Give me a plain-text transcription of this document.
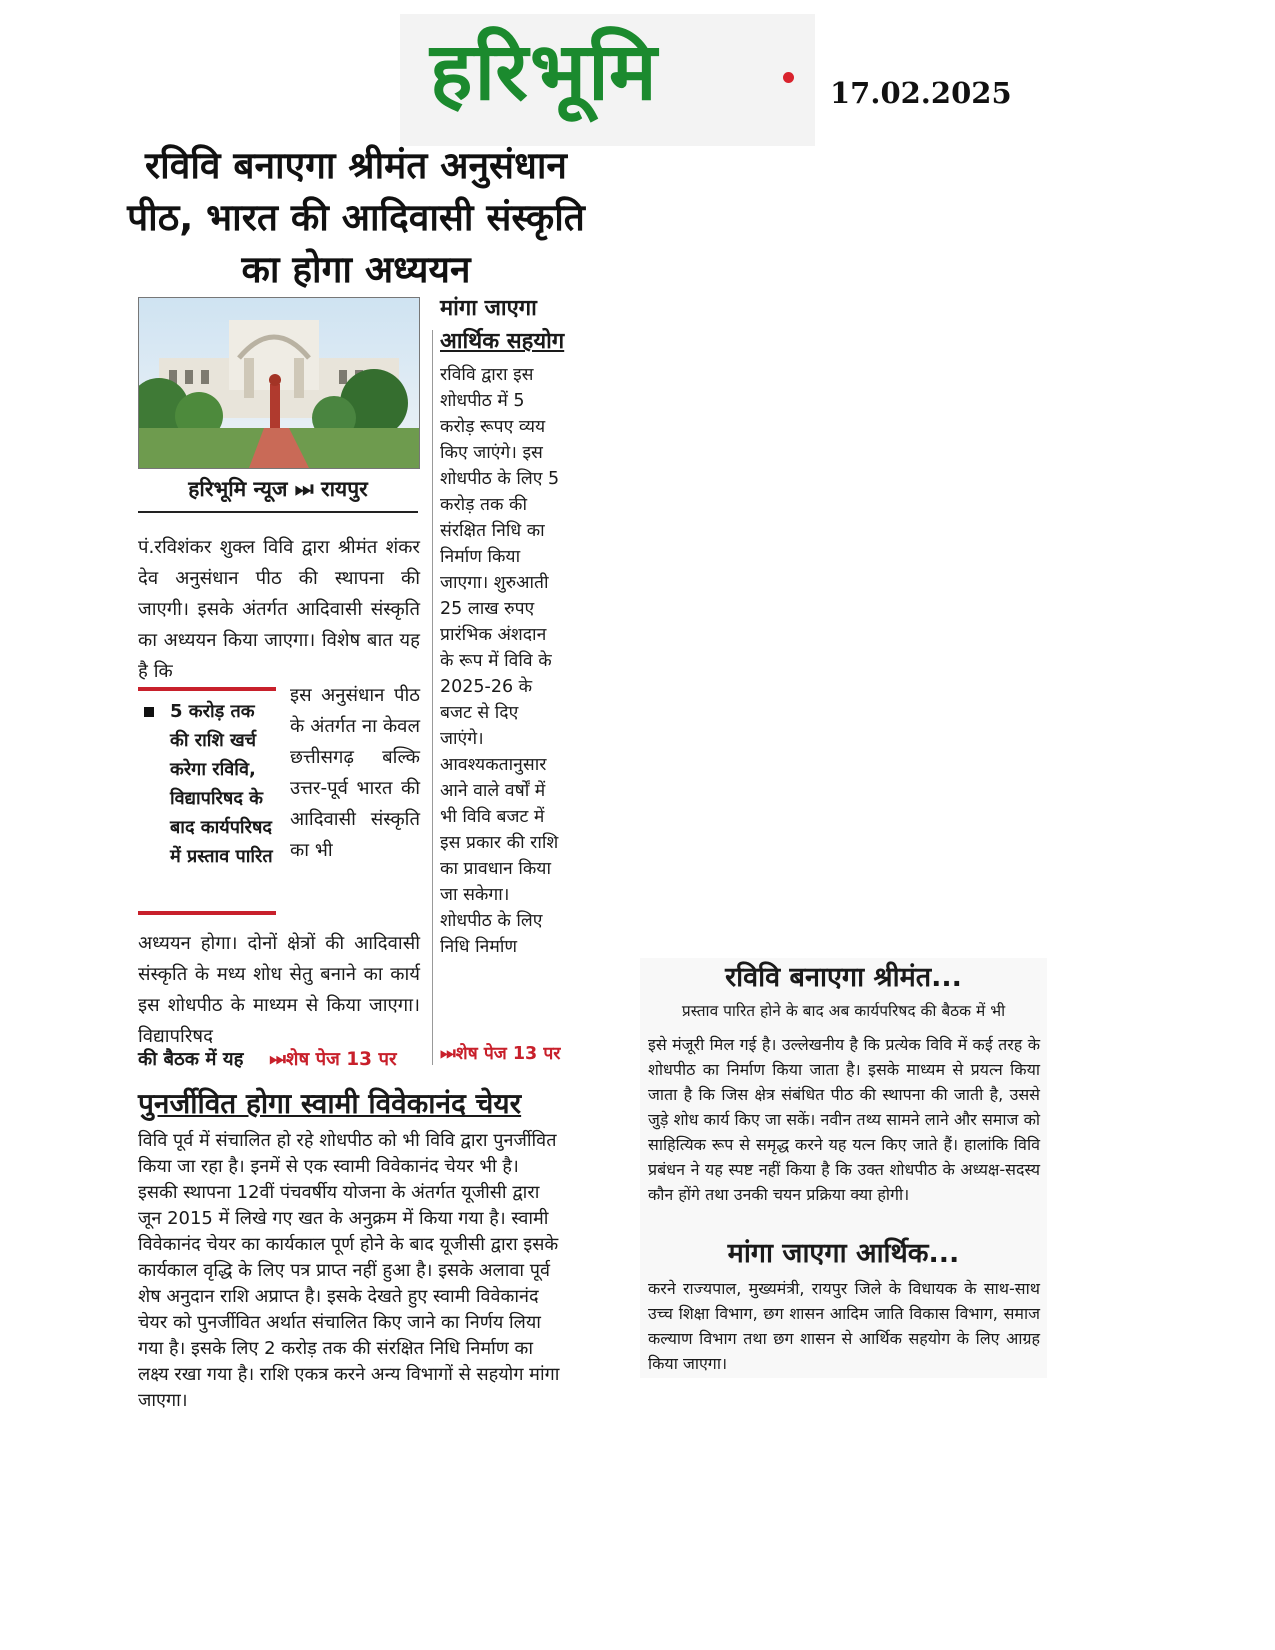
हरिभूमि	17.02.2025
रविवि बनाएगा श्रीमंत अनुसंधान पीठ, भारत की आदिवासी संस्कृति का होगा अध्ययन
हरिभूमि न्यूज ⏭ रायपुर
पं.रविशंकर शुक्ल विवि द्वारा श्रीमंत शंकर देव अनुसंधान पीठ की स्थापना की जाएगी। इसके अंतर्गत आदिवासी संस्कृति का अध्ययन किया जाएगा। विशेष बात यह है कि
5 करोड़ तक की राशि खर्च करेगा रविवि, विद्यापरिषद के बाद कार्यपरिषद में प्रस्ताव पारित
इस अनुसंधान पीठ के अंतर्गत ना केवल छत्तीसगढ़ बल्कि उत्तर-पूर्व भारत की आदिवासी संस्कृति का भी
अध्ययन होगा। दोनों क्षेत्रों की आदिवासी संस्कृति के मध्य शोध सेतु बनाने का कार्य इस शोधपीठ के माध्यम से किया जाएगा। विद्यापरिषद
की बैठक में यह ⏭शेष पेज 13 पर
मांगा जाएगा
आर्थिक सहयोग
रविवि द्वारा इस शोधपीठ में 5 करोड़ रूपए व्यय किए जाएंगे। इस शोधपीठ के लिए 5 करोड़ तक की संरक्षित निधि का निर्माण किया जाएगा। शुरुआती 25 लाख रुपए प्रारंभिक अंशदान के रूप में विवि के 2025-26 के बजट से दिए जाएंगे। आवश्यकतानुसार आने वाले वर्षों में भी विवि बजट में इस प्रकार की राशि का प्रावधान किया जा सकेगा। शोधपीठ के लिए निधि निर्माण
⏭शेष पेज 13 पर
पुनर्जीवित होगा स्वामी विवेकानंद चेयर
विवि पूर्व में संचालित हो रहे शोधपीठ को भी विवि द्वारा पुनर्जीवित किया जा रहा है। इनमें से एक स्वामी विवेकानंद चेयर भी है। इसकी स्थापना 12वीं पंचवर्षीय योजना के अंतर्गत यूजीसी द्वारा जून 2015 में लिखे गए खत के अनुक्रम में किया गया है। स्वामी विवेकानंद चेयर का कार्यकाल पूर्ण होने के बाद यूजीसी द्वारा इसके कार्यकाल वृद्धि के लिए पत्र प्राप्त नहीं हुआ है। इसके अलावा पूर्व शेष अनुदान राशि अप्राप्त है। इसके देखते हुए स्वामी विवेकानंद चेयर को पुनर्जीवित अर्थात संचालित किए जाने का निर्णय लिया गया है। इसके लिए 2 करोड़ तक की संरक्षित निधि निर्माण का लक्ष्य रखा गया है। राशि एकत्र करने अन्य विभागों से सहयोग मांगा जाएगा।
रविवि बनाएगा श्रीमंत...
प्रस्ताव पारित होने के बाद अब कार्यपरिषद की बैठक में भी
इसे मंजूरी मिल गई है। उल्लेखनीय है कि प्रत्येक विवि में कई तरह के शोधपीठ का निर्माण किया जाता है। इसके माध्यम से प्रयत्न किया जाता है कि जिस क्षेत्र संबंधित पीठ की स्थापना की जाती है, उससे जुड़े शोध कार्य किए जा सकें। नवीन तथ्य सामने लाने और समाज को साहित्यिक रूप से समृद्ध करने यह यत्न किए जाते हैं। हालांकि विवि प्रबंधन ने यह स्पष्ट नहीं किया है कि उक्त शोधपीठ के अध्यक्ष-सदस्य कौन होंगे तथा उनकी चयन प्रक्रिया क्या होगी।
मांगा जाएगा आर्थिक...
करने राज्यपाल, मुख्यमंत्री, रायपुर जिले के विधायक के साथ-साथ उच्च शिक्षा विभाग, छग शासन आदिम जाति विकास विभाग, समाज कल्याण विभाग तथा छग शासन से आर्थिक सहयोग के लिए आग्रह किया जाएगा।
